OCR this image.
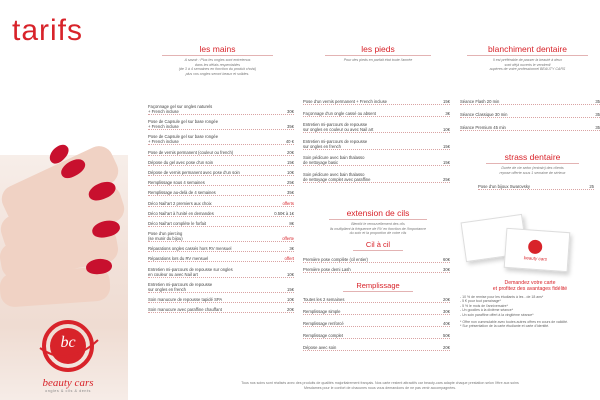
tarifs
bc
beauty cars
ongles & cils & dents
les mains
A savoir : Plus les ongles sont entretenus
dans les délais respectables
(de 3 à 4 semaines en fonction du produit choisi)
plus vos ongles seront beaux et solides.
Façonnage gel sur ongles naturels
+ French incluse	30€
Pose de Capsule gel sur base rongée
+ French incluse	35€
Pose de Capsule gel sur base rongée
+ French incluse	40 €
Pose de vernis permanent (couleur ou french)	20€
Dépose du gel avec pose d'un soin	15€
Dépose de vernis permanent avec pose d'un soin	10€
Remplissage sous 4 semaines	25€
Remplissage au-delà de 4 semaines	35€
Déco Nail'art 2 premiers aux choix	offerts
Déco Nail'art à l'unité en demandes	0.50€ à 1€
Déco Nail'art complète le forfait	8€
Pose d'un piercing
(se munir du bijou)	offerte
Réparations ongles cassés hors RV mensuel	3€
Réparations lors du RV mensuel	offert
Entretien mi-parcours de repousse sur ongles
en couleur ou avec Nail art	10€
Entretien mi-parcours de repousse
sur ongles en french	15€
Soin manucure de repousse tapidé SPA	10€
Soin manucure avec paraffine chauffant	20€
les pieds
Pour des pieds en parfait état toute l'année
Pose d'un vernis permanent + French incluse	15€
Façonnage d'un ongle cassé ou absent	3€
Entretien mi-parcours de repousse
sur ongles en couleur ou avec Nail art	10€
Entretien mi-parcours de repousse
sur ongles en french	15€
Soin pédicure avec bain thalasso
de nettoyage basic	15€
Soin pédicure avec bain thalasso
de nettoyage complet avec paraffine	25€
extension de cils
Bientôt le renouvellement des cils
ils multiplient la fréquence de RV en fonction de l'importance
du soin et la proportion de votre cils
Cil à cil
Première pose complète (cil entier)	60€
Première pose demi Lash	30€
Remplissage
Toutes les 2 semaines	20€
Remplissage simple	30€
Remplissage renforcé	40€
Remplissage complet	50€
Dépose avec soin	20€
blanchiment dentaire
Il est préférable de passer la beauté à deux
sont déjà ouverts le vendredi
aupères de votre professionnel BEAUTY CARS
Séance Flash 20 min	35
Séance Classique 30 min	35
Séance Premium 45 min	35
strass dentaire
Durée de vie selon (entrain) des clients
repose offerte sous 1 semaine de sérieux
Pose d'un bijoux Swarovsky	25
beauty cars
Demandez votre carte
et profitez des avantages fidélité
- 10 % de remise pour les étudiants à les - de 18 ans*
- 5 € pour tout parrainage*
- 5 % le mois de l'anniversaire*
- Un goodies à la dixième séance*
- Un soin paraffine offert à la vingtième séance*
* Offre non cummulable avec toutes autres offres en cours de validité.
* Sur présentation de la carte étudiante et carte d'identité.
Tous nos soins sont réalisés avec des produits de qualités majoritairement français. Nos carte restent attractifs car beauty-cars adapte chaque prestation selon l'être aux soins
Mesdames pour le confort de chacunes nous vous demandons de ne pas venir accompagnées.
